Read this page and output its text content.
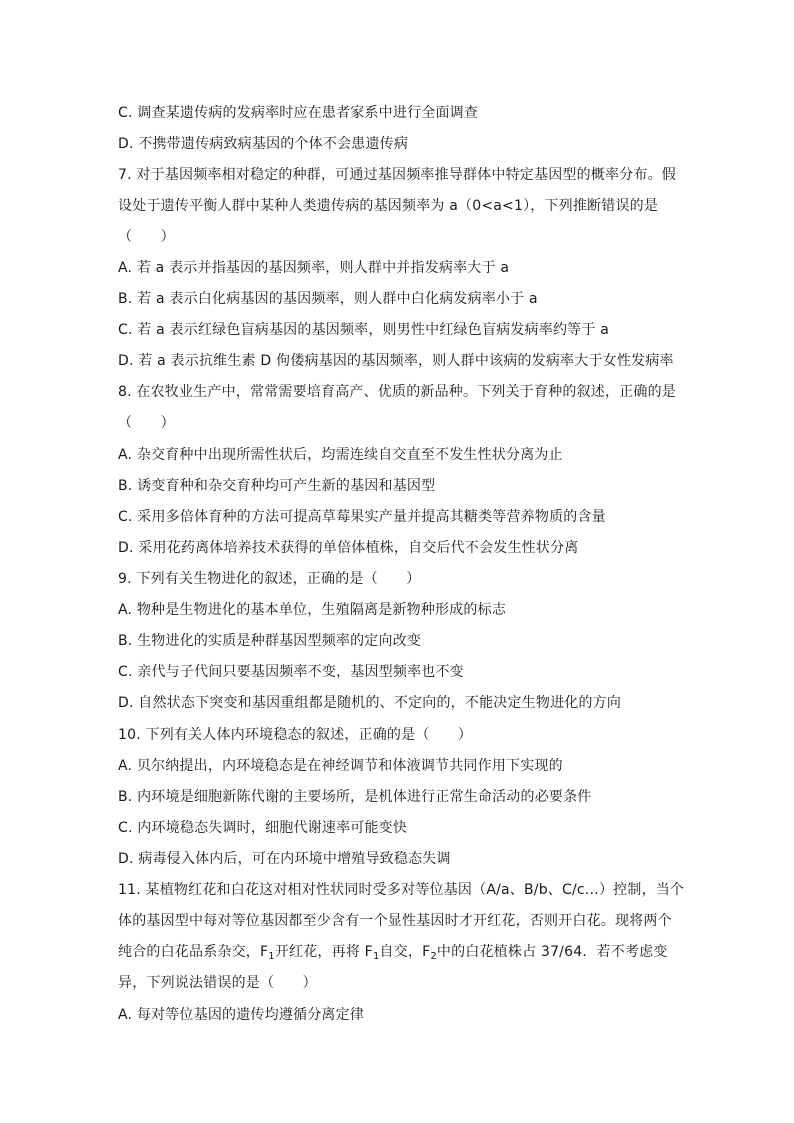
C. 调查某遗传病的发病率时应在患者家系中进行全面调查
D. 不携带遗传病致病基因的个体不会患遗传病
7. 对于基因频率相对稳定的种群，可通过基因频率推导群体中特定基因型的概率分布。假
设处于遗传平衡人群中某种人类遗传病的基因频率为 a（0<a<1），下列推断错误的是
（　　）
A. 若 a 表示并指基因的基因频率，则人群中并指发病率大于 a
B. 若 a 表示白化病基因的基因频率，则人群中白化病发病率小于 a
C. 若 a 表示红绿色盲病基因的基因频率，则男性中红绿色盲病发病率约等于 a
D. 若 a 表示抗维生素 D 佝偻病基因的基因频率，则人群中该病的发病率大于女性发病率
8. 在农牧业生产中，常常需要培育高产、优质的新品种。下列关于育种的叙述，正确的是
（　　）
A. 杂交育种中出现所需性状后，均需连续自交直至不发生性状分离为止
B. 诱变育种和杂交育种均可产生新的基因和基因型
C. 采用多倍体育种的方法可提高草莓果实产量并提高其糖类等营养物质的含量
D. 采用花药离体培养技术获得的单倍体植株，自交后代不会发生性状分离
9. 下列有关生物进化的叙述，正确的是（　　）
A. 物种是生物进化的基本单位，生殖隔离是新物种形成的标志
B. 生物进化的实质是种群基因型频率的定向改变
C. 亲代与子代间只要基因频率不变，基因型频率也不变
D. 自然状态下突变和基因重组都是随机的、不定向的，不能决定生物进化的方向
10. 下列有关人体内环境稳态的叙述，正确的是（　　）
A. 贝尔纳提出，内环境稳态是在神经调节和体液调节共同作用下实现的
B. 内环境是细胞新陈代谢的主要场所，是机体进行正常生命活动的必要条件
C. 内环境稳态失调时，细胞代谢速率可能变快
D. 病毒侵入体内后，可在内环境中增殖导致稳态失调
11. 某植物红花和白花这对相对性状同时受多对等位基因（A/a、B/b、C/c…）控制，当个
体的基因型中每对等位基因都至少含有一个显性基因时才开红花，否则开白花。现将两个
纯合的白花品系杂交，$F_1$开红花，再将 $F_1$自交，$F_2$中的白花植株占 37/64．若不考虑变
异，下列说法错误的是（　　）
A. 每对等位基因的遗传均遵循分离定律
